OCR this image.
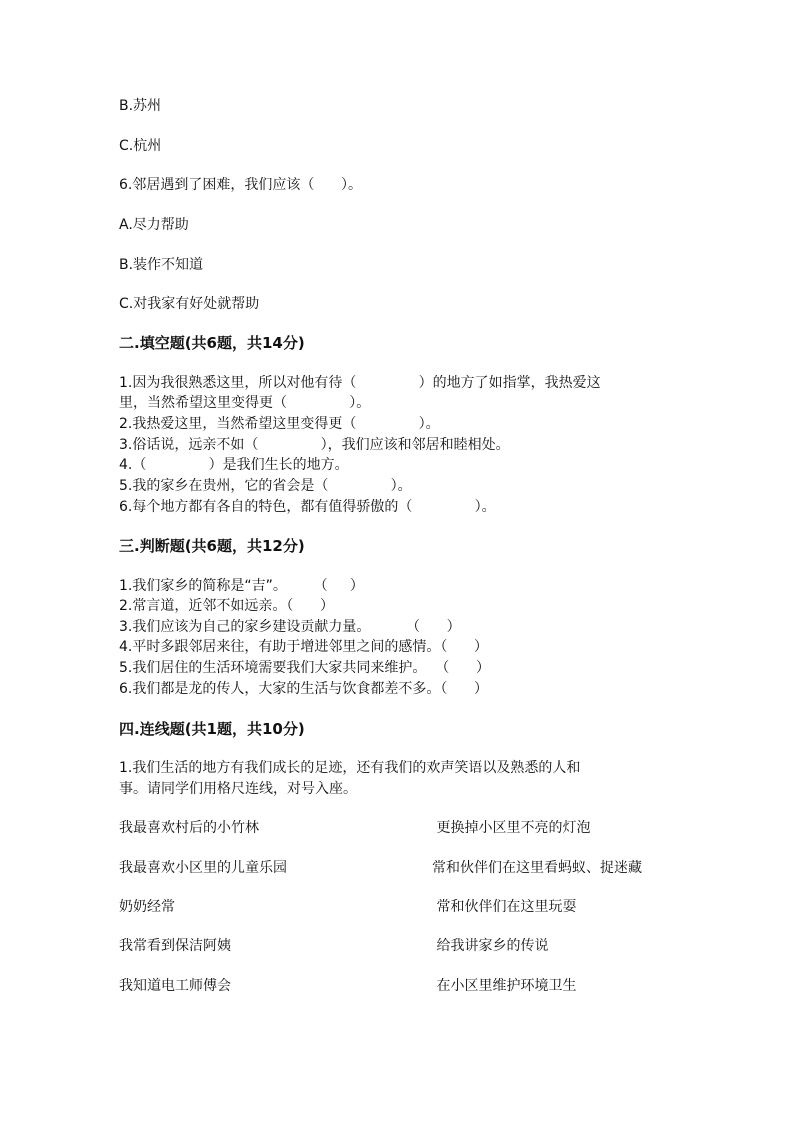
B.苏州
C.杭州
6.邻居遇到了困难，我们应该（      ）。
A.尽力帮助
B.装作不知道
C.对我家有好处就帮助
二.填空题(共6题，共14分)
1.因为我很熟悉这里，所以对他有待（              ）的地方了如指掌，我热爱这
里，当然希望这里变得更（              ）。
2.我热爱这里，当然希望这里变得更（              ）。
3.俗话说，远亲不如（              ），我们应该和邻居和睦相处。
4.（              ）是我们生长的地方。
5.我的家乡在贵州，它的省会是（              ）。
6.每个地方都有各自的特色，都有值得骄傲的（              ）。
三.判断题(共6题，共12分)
1.我们家乡的简称是“吉”。      （     ）
2.常言道，近邻不如远亲。（      ）
3.我们应该为自己的家乡建设贡献力量。        （      ）
4.平时多跟邻居来往，有助于增进邻里之间的感情。（      ）
5.我们居住的生活环境需要我们大家共同来维护。  （      ）
6.我们都是龙的传人，大家的生活与饮食都差不多。（      ）
四.连线题(共1题，共10分)
1.我们生活的地方有我们成长的足迹，还有我们的欢声笑语以及熟悉的人和
事。请同学们用格尺连线，对号入座。
我最喜欢村后的小竹林
我最喜欢小区里的儿童乐园
奶奶经常
我常看到保洁阿姨
我知道电工师傅会
更换掉小区里不亮的灯泡
常和伙伴们在这里看蚂蚁、捉迷藏
常和伙伴们在这里玩耍
给我讲家乡的传说
在小区里维护环境卫生
